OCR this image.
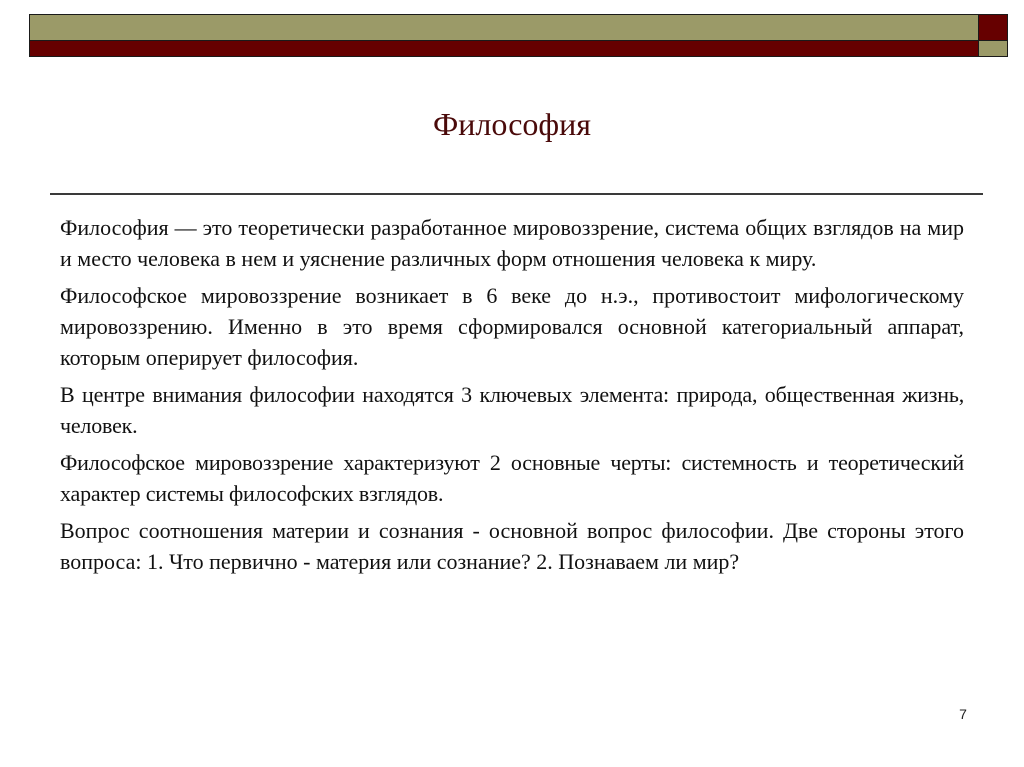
Философия

Философия — это теоретически разработанное мировоззрение, система общих взглядов на мир и место человека в нем и уяснение различных форм отношения человека к миру.

Философское мировоззрение возникает в 6 веке до н.э., противостоит мифологическому мировоззрению. Именно в это время сформировался основной категориальный аппарат, которым оперирует философия.

В центре внимания философии находятся 3 ключевых элемента: природа, общественная жизнь, человек.

Философское мировоззрение характеризуют 2 основные черты: системность и теоретический характер системы философских взглядов.

Вопрос соотношения материи и сознания - основной вопрос философии. Две стороны этого вопроса: 1. Что первично - материя или сознание? 2. Познаваем ли мир?

7
